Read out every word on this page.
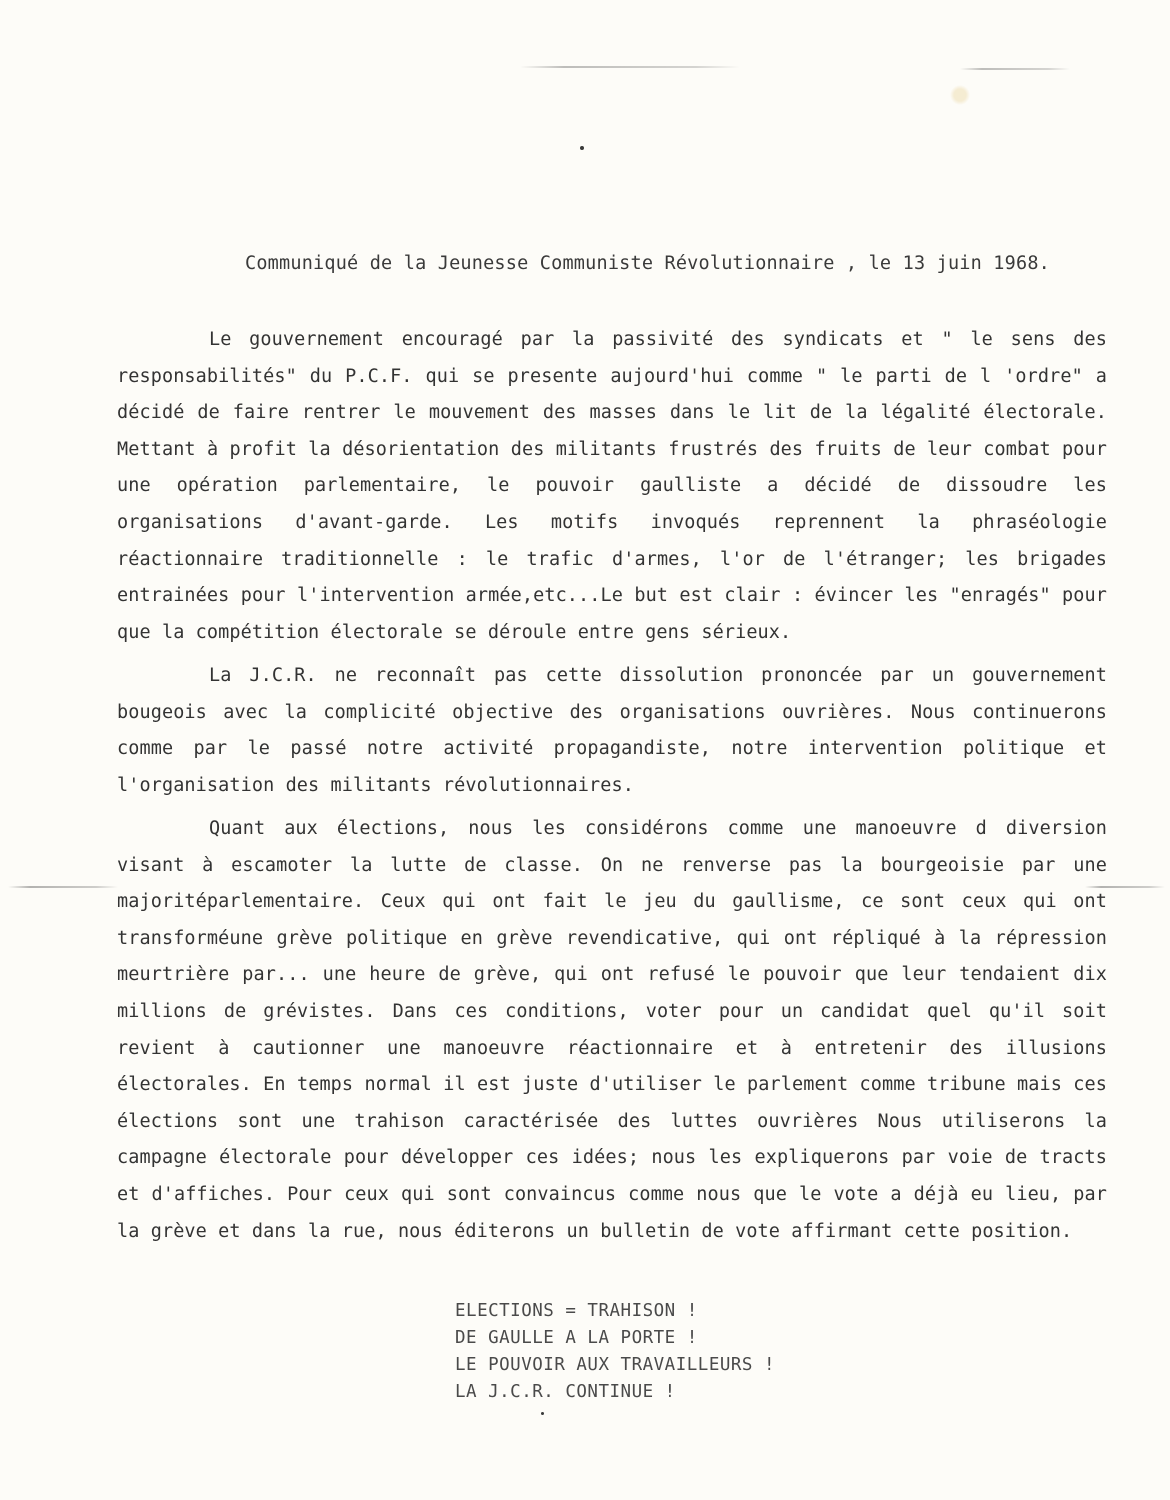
Communiqué de la Jeunesse Communiste Révolutionnaire , le 13 juin 1968.

Le gouvernement encouragé par la passivité des syndicats et " le sens des responsabilités" du P.C.F. qui se presente aujourd'hui comme " le parti de l 'ordre" a décidé de faire rentrer le mouvement des masses dans le lit de la légalité électorale. Mettant à profit la désorientation des militants frustrés des fruits de leur combat pour une opération parlementaire, le pouvoir gaulliste a décidé de dissoudre les organisations d'avant-garde. Les motifs invoqués reprennent la phraséologie réactionnaire traditionnelle : le trafic d'armes, l'or de l'étranger; les brigades entrainées pour l'intervention armée,etc...Le but est clair : évincer les "enragés" pour que la compétition électorale se déroule entre gens sérieux.

La J.C.R. ne reconnaît pas cette dissolution prononcée par un gouvernement bougeois avec la complicité objective des organisations ouvrières. Nous continuerons comme par le passé notre activité propagandiste, notre intervention politique et l'organisation des militants révolutionnaires.

Quant aux élections, nous les considérons comme une manoeuvre d diversion visant à escamoter la lutte de classe. On ne renverse pas la bourgeoisie par une majoritéparlementaire. Ceux qui ont fait le jeu du gaullisme, ce sont ceux qui ont transforméune grève politique en grève revendicative, qui ont répliqué à la répression meurtrière par... une heure de grève, qui ont refusé le pouvoir que leur tendaient dix millions de grévistes. Dans ces conditions, voter pour un candidat quel qu'il soit revient à cautionner une manoeuvre réactionnaire et à entretenir des illusions électorales. En temps normal il est juste d'utiliser le parlement comme tribune mais ces élections sont une trahison caractérisée des luttes ouvrières Nous utiliserons la campagne électorale pour développer ces idées; nous les expliquerons par voie de tracts et d'affiches. Pour ceux qui sont convaincus comme nous que le vote a déjà eu lieu, par la grève et dans la rue, nous éditerons un bulletin de vote affirmant cette position.

ELECTIONS = TRAHISON !
DE GAULLE A LA PORTE !
LE POUVOIR AUX TRAVAILLEURS !
LA J.C.R. CONTINUE !
